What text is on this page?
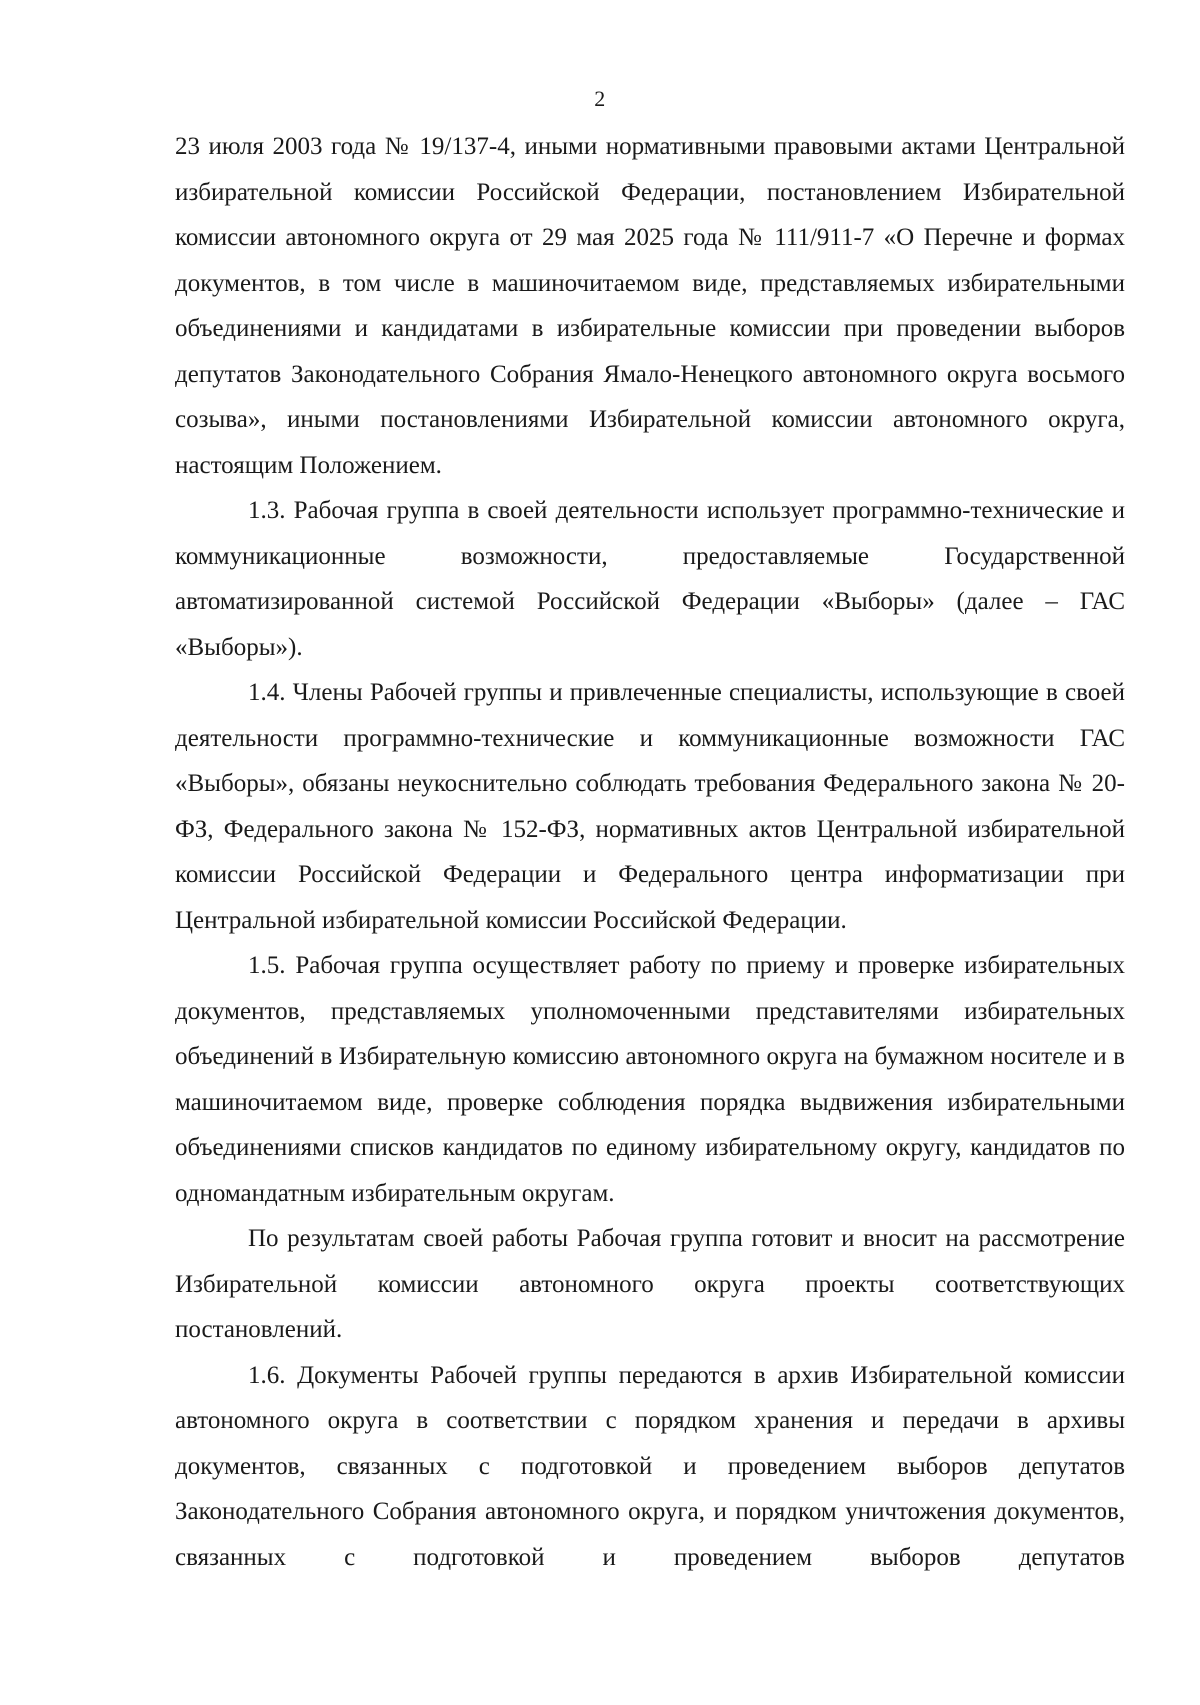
2

23 июля 2003 года № 19/137-4, иными нормативными правовыми актами Центральной избирательной комиссии Российской Федерации, постановлением Избирательной комиссии автономного округа от 29 мая 2025 года № 111/911-7 «О Перечне и формах документов, в том числе в машиночитаемом виде, представляемых избирательными объединениями и кандидатами в избирательные комиссии при проведении выборов депутатов Законодательного Собрания Ямало-Ненецкого автономного округа восьмого созыва», иными постановлениями Избирательной комиссии автономного округа, настоящим Положением.

1.3. Рабочая группа в своей деятельности использует программно-технические и коммуникационные возможности, предоставляемые Государственной автоматизированной системой Российской Федерации «Выборы» (далее – ГАС «Выборы»).

1.4. Члены Рабочей группы и привлеченные специалисты, использующие в своей деятельности программно-технические и коммуникационные возможности ГАС «Выборы», обязаны неукоснительно соблюдать требования Федерального закона № 20-ФЗ, Федерального закона № 152-ФЗ, нормативных актов Центральной избирательной комиссии Российской Федерации и Федерального центра информатизации при Центральной избирательной комиссии Российской Федерации.

1.5. Рабочая группа осуществляет работу по приему и проверке избирательных документов, представляемых уполномоченными представителями избирательных объединений в Избирательную комиссию автономного округа на бумажном носителе и в машиночитаемом виде, проверке соблюдения порядка выдвижения избирательными объединениями списков кандидатов по единому избирательному округу, кандидатов по одномандатным избирательным округам.

По результатам своей работы Рабочая группа готовит и вносит на рассмотрение Избирательной комиссии автономного округа проекты соответствующих постановлений.

1.6. Документы Рабочей группы передаются в архив Избирательной комиссии автономного округа в соответствии с порядком хранения и передачи в архивы документов, связанных с подготовкой и проведением выборов депутатов Законодательного Собрания автономного округа, и порядком уничтожения документов, связанных с подготовкой и проведением выборов депутатов
